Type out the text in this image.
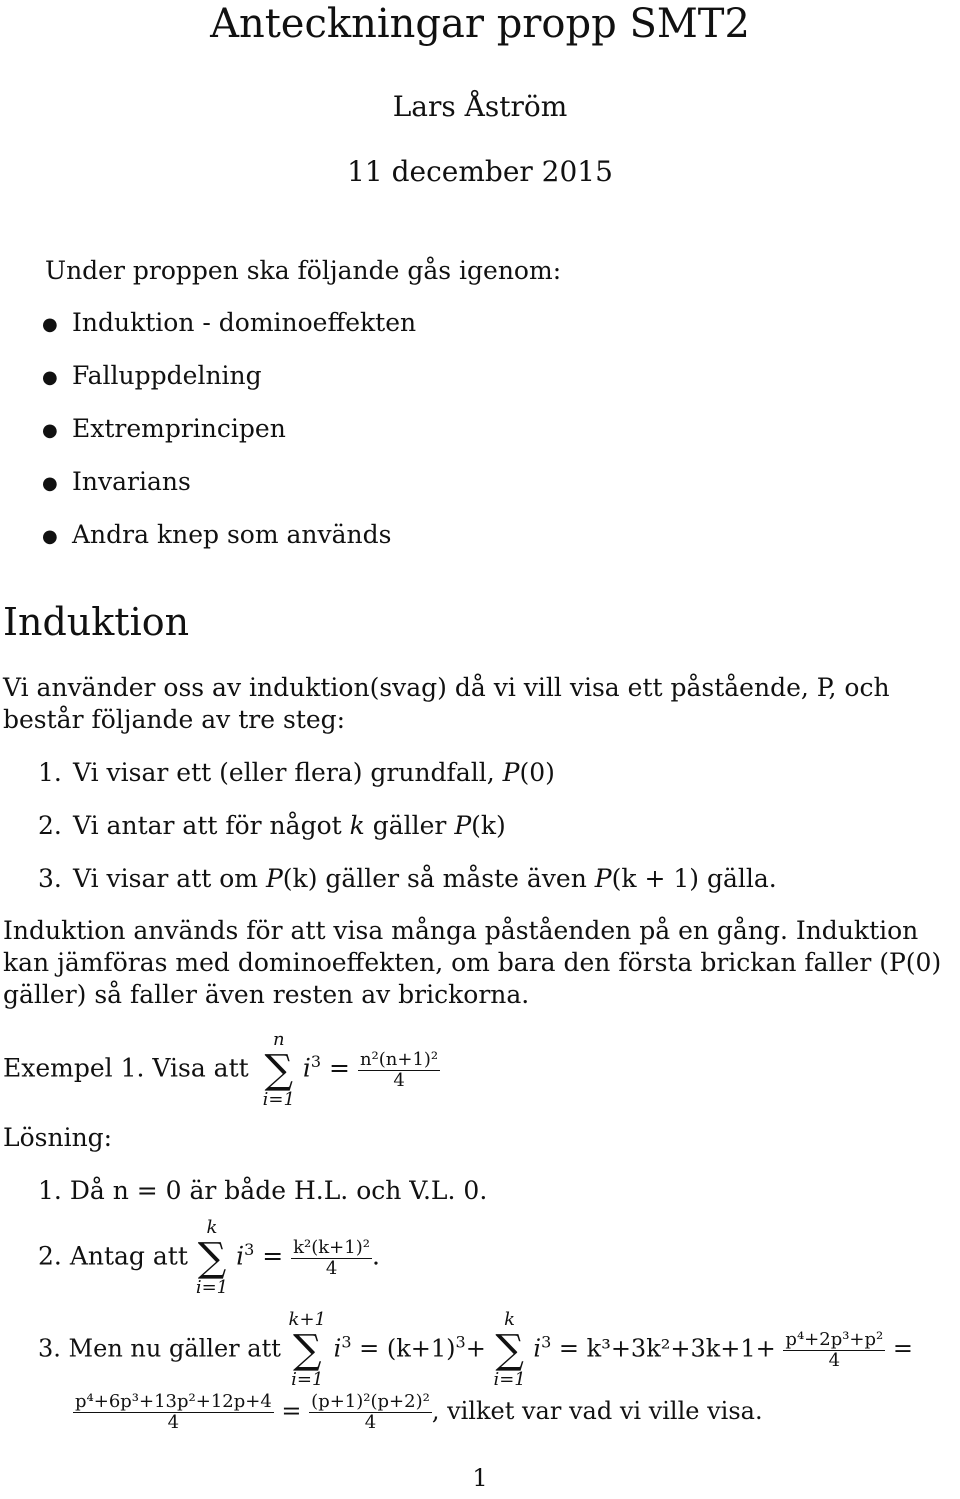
Anteckningar propp SMT2
Lars Åström
11 december 2015
Under proppen ska följande gås igenom:
● Induktion - dominoeffekten
● Falluppdelning
● Extremprincipen
● Invarians
● Andra knep som används
Induktion
Vi använder oss av induktion(svag) då vi vill visa ett påstående, P, och består följande av tre steg:
1. Vi visar ett (eller flera) grundfall, P(0)
2. Vi antar att för något k gäller P(k)
3. Vi visar att om P(k) gäller så måste även P(k + 1) gälla.
Induktion används för att visa många påståenden på en gång. Induktion kan jämföras med dominoeffekten, om bara den första brickan faller (P(0) gäller) så faller även resten av brickorna.
Exempel 1. Visa att
n
∑
i=1
$i^3 = \frac{\text{n²(n+1)²}}{4}$
Lösning:
1. Då n = 0 är både H.L. och V.L. 0.
2. Antag att
k
∑
i=1
$i^3 = \frac{\text{k²(k+1)²}}{4}$ .
3. Men nu gäller att
k+1
∑
i=1
$i^3 = (k+1)^3+$
k
∑
i=1
$i^3 = k^3+3k^2+3k+1+ \frac{\text{p⁴+2p³+p²}}{4}$ =
$\frac{\text{p⁴+6p³+13p²+12p+4}}{4} = \frac{\text{(p+1)²(p+2)²}}{4}$ , vilket var vad vi ville visa.
1
